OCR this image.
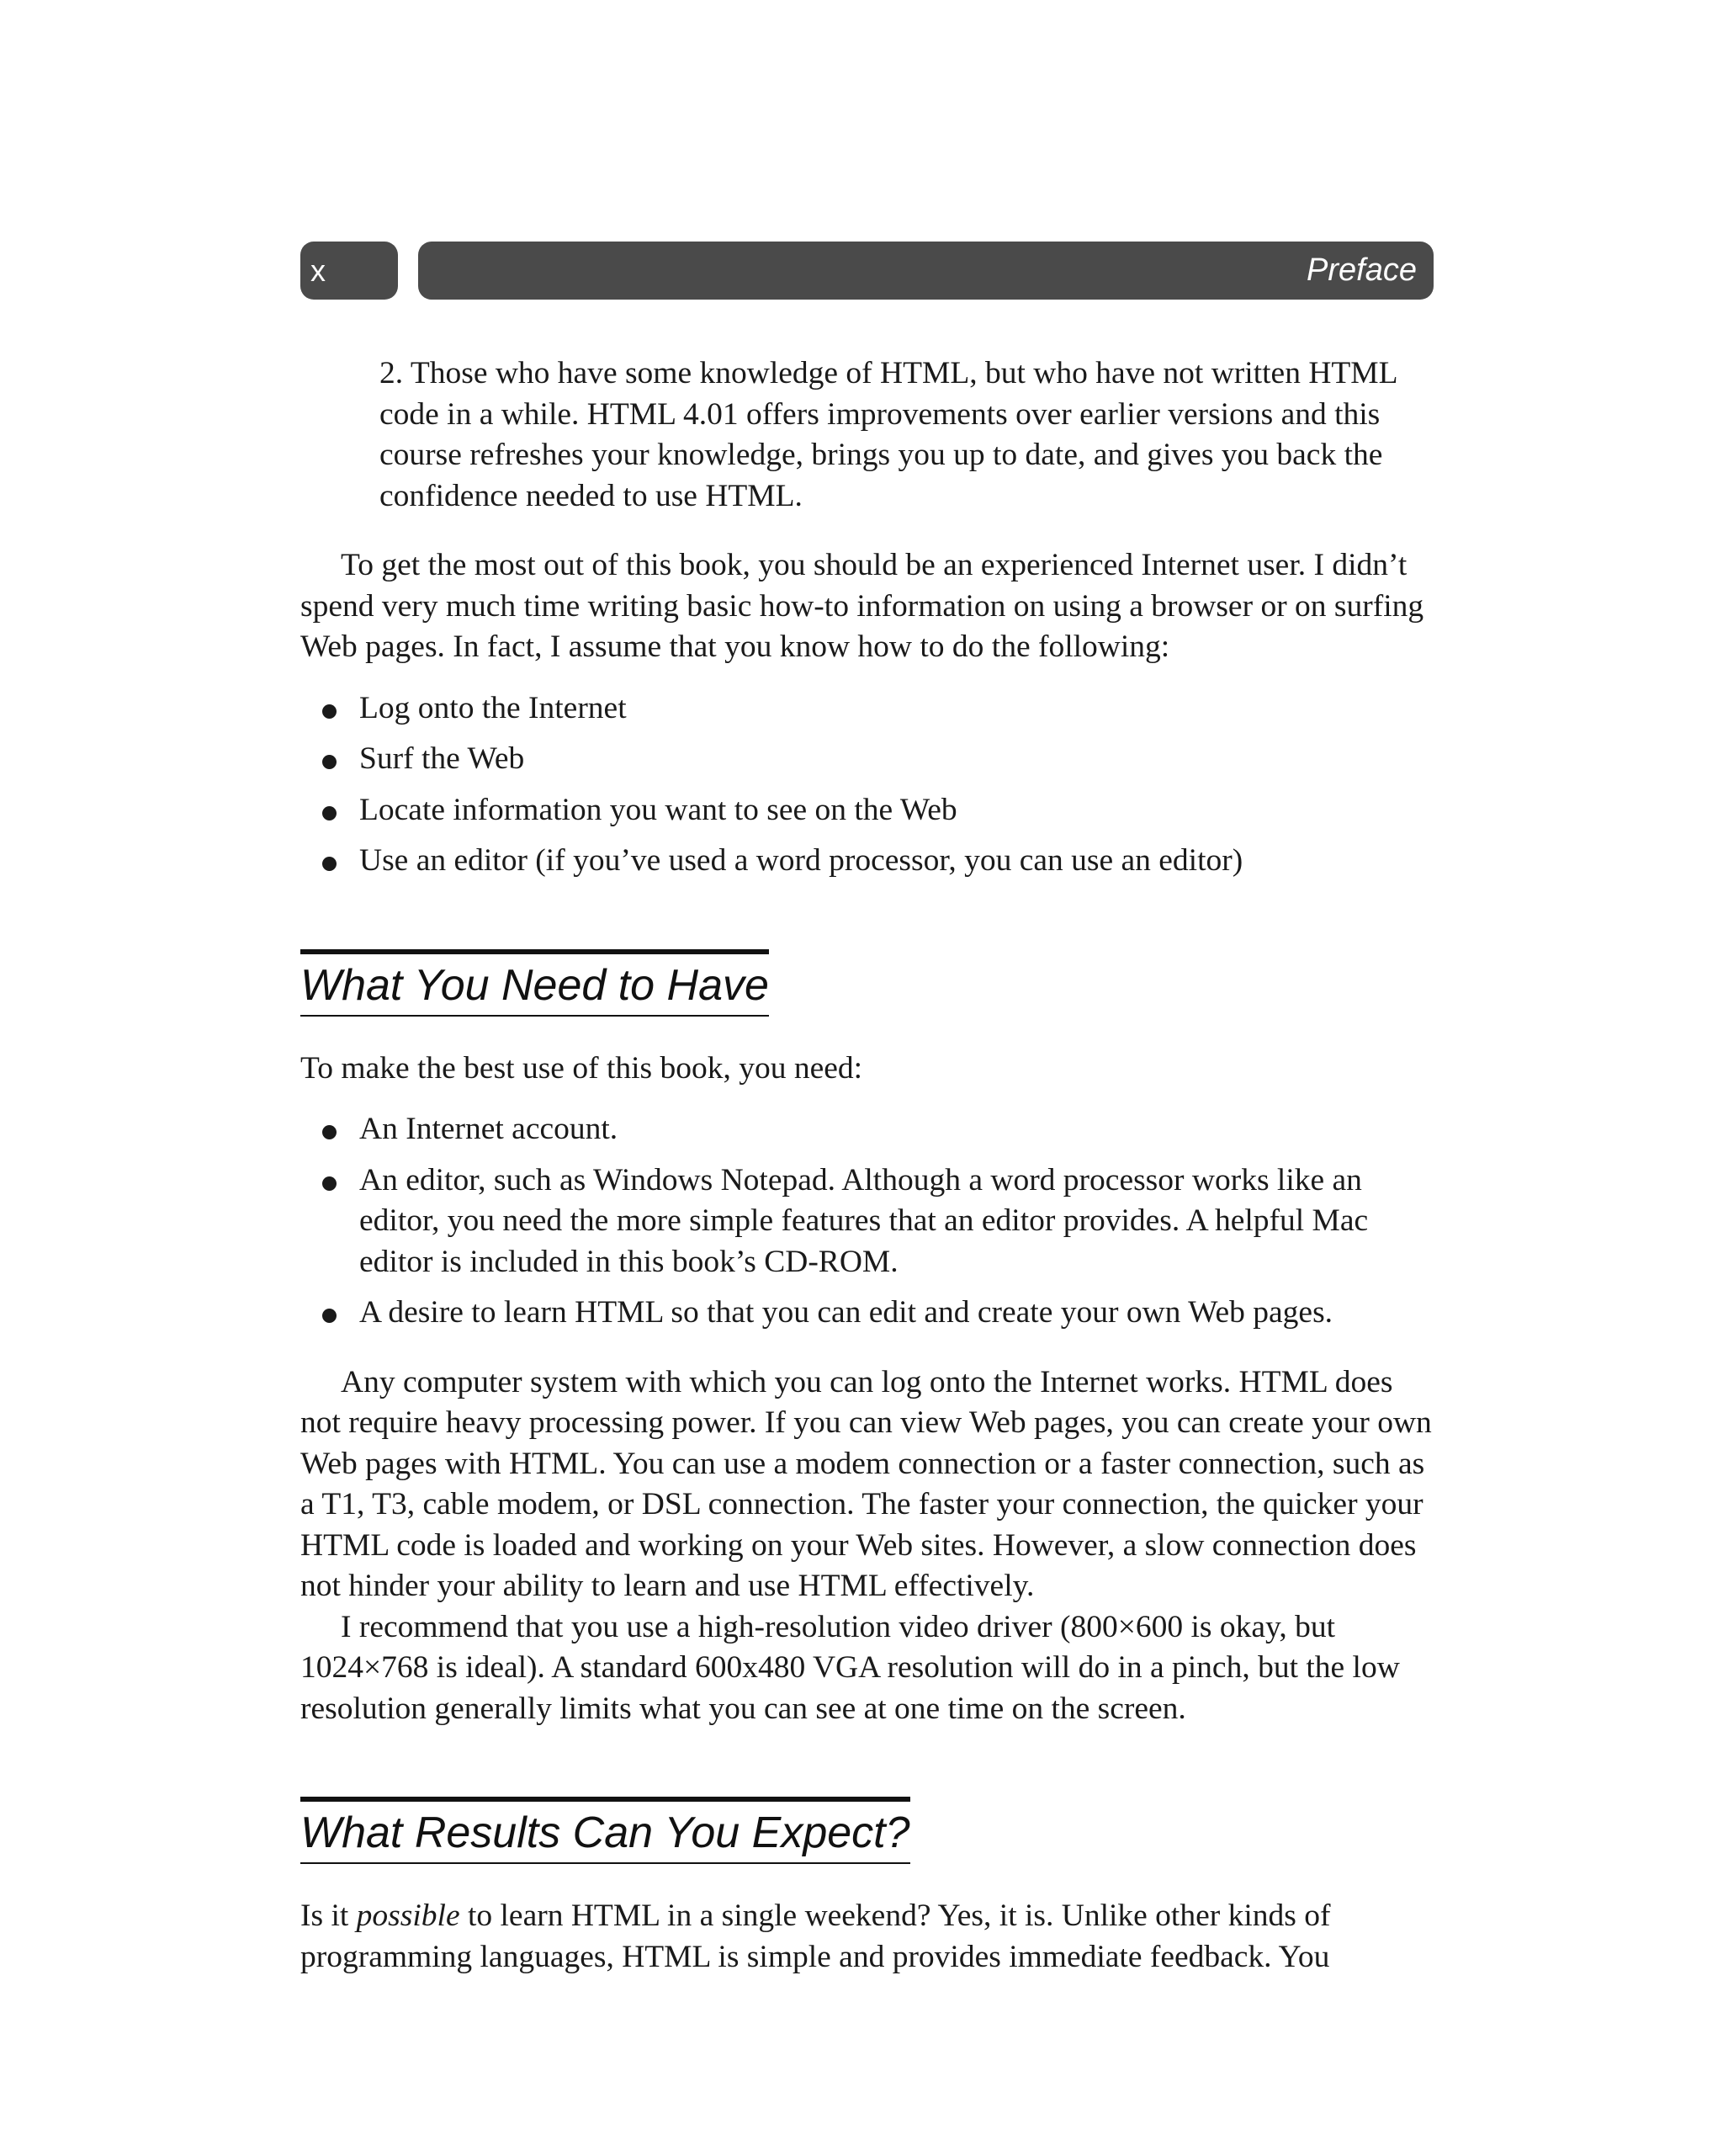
x	Preface

2. Those who have some knowledge of HTML, but who have not written HTML code in a while. HTML 4.01 offers improvements over earlier versions and this course refreshes your knowledge, brings you up to date, and gives you back the confidence needed to use HTML.

To get the most out of this book, you should be an experienced Internet user. I didn’t spend very much time writing basic how-to information on using a browser or on surfing Web pages. In fact, I assume that you know how to do the following:

Log onto the Internet
Surf the Web
Locate information you want to see on the Web
Use an editor (if you’ve used a word processor, you can use an editor)
What You Need to Have

To make the best use of this book, you need:

An Internet account.
An editor, such as Windows Notepad. Although a word processor works like an editor, you need the more simple features that an editor provides. A helpful Mac editor is included in this book’s CD-ROM.
A desire to learn HTML so that you can edit and create your own Web pages.

Any computer system with which you can log onto the Internet works. HTML does not require heavy processing power. If you can view Web pages, you can create your own Web pages with HTML. You can use a modem connection or a faster connection, such as a T1, T3, cable modem, or DSL connection. The faster your connection, the quicker your HTML code is loaded and working on your Web sites. However, a slow connection does not hinder your ability to learn and use HTML effectively.

I recommend that you use a high-resolution video driver (800×600 is okay, but 1024×768 is ideal). A standard 600x480 VGA resolution will do in a pinch, but the low resolution generally limits what you can see at one time on the screen.

What Results Can You Expect?

Is it possible to learn HTML in a single weekend? Yes, it is. Unlike other kinds of programming languages, HTML is simple and provides immediate feedback. You
